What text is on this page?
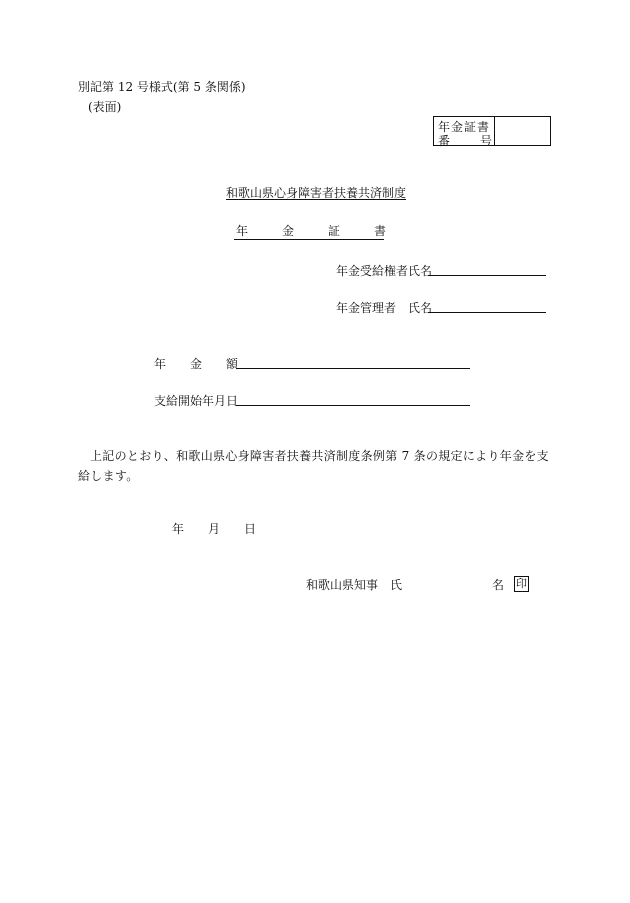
別記第 12 号様式(第 5 条関係)
(表面)
年金証書
番 号
和歌山県心身障害者扶養共済制度
年	金	証	書
年金受給権者氏名
年金管理者　氏名
年　　金　　額
支給開始年月日
上記のとおり、和歌山県心身障害者扶養共済制度条例第 7 条の規定により年金を支給します。
年 月 日
和歌山県知事 氏	名 印
